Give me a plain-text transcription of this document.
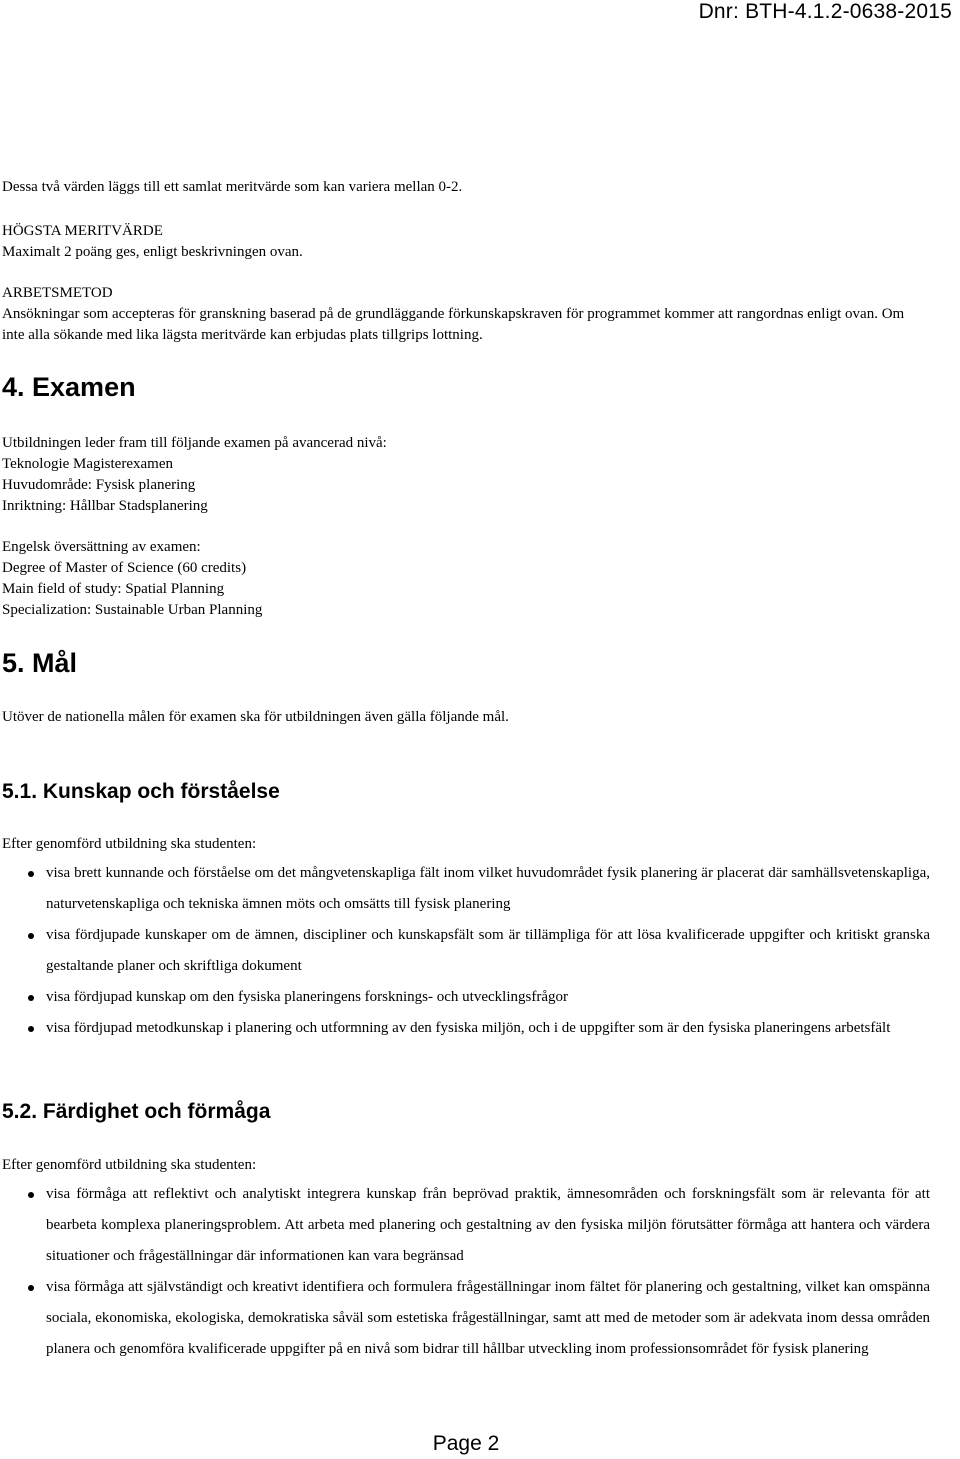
Dnr: BTH-4.1.2-0638-2015

Dessa två värden läggs till ett samlat meritvärde som kan variera mellan 0-2.

HÖGSTA MERITVÄRDE

Maximalt 2 poäng ges, enligt beskrivningen ovan.

ARBETSMETOD

Ansökningar som accepteras för granskning baserad på de grundläggande förkunskapskraven för programmet kommer att rangordnas enligt ovan. Om inte alla sökande med lika lägsta meritvärde kan erbjudas plats tillgrips lottning.

4. Examen

Utbildningen leder fram till följande examen på avancerad nivå:

Teknologie Magisterexamen

Huvudområde: Fysisk planering

Inriktning: Hållbar Stadsplanering

Engelsk översättning av examen:

Degree of Master of Science (60 credits)

Main field of study: Spatial Planning

Specialization: Sustainable Urban Planning

5. Mål

Utöver de nationella målen för examen ska för utbildningen även gälla följande mål.

5.1. Kunskap och förståelse

Efter genomförd utbildning ska studenten:

visa brett kunnande och förståelse om det mångvetenskapliga fält inom vilket huvudområdet fysik planering är placerat där samhällsvetenskapliga, naturvetenskapliga och tekniska ämnen möts och omsätts till fysisk planering
visa fördjupade kunskaper om de ämnen, discipliner och kunskapsfält som är tillämpliga för att lösa kvalificerade uppgifter och kritiskt granska gestaltande planer och skriftliga dokument
visa fördjupad kunskap om den fysiska planeringens forsknings- och utvecklingsfrågor
visa fördjupad metodkunskap i planering och utformning av den fysiska miljön, och i de uppgifter som är den fysiska planeringens arbetsfält
5.2. Färdighet och förmåga

Efter genomförd utbildning ska studenten:

visa förmåga att reflektivt och analytiskt integrera kunskap från beprövad praktik, ämnesområden och forskningsfält som är relevanta för att bearbeta komplexa planeringsproblem. Att arbeta med planering och gestaltning av den fysiska miljön förutsätter förmåga att hantera och värdera situationer och frågeställningar där informationen kan vara begränsad
visa förmåga att självständigt och kreativt identifiera och formulera frågeställningar inom fältet för planering och gestaltning, vilket kan omspänna sociala, ekonomiska, ekologiska, demokratiska såväl som estetiska frågeställningar, samt att med de metoder som är adekvata inom dessa områden planera och genomföra kvalificerade uppgifter på en nivå som bidrar till hållbar utveckling inom professionsområdet för fysisk planering
Page 2
